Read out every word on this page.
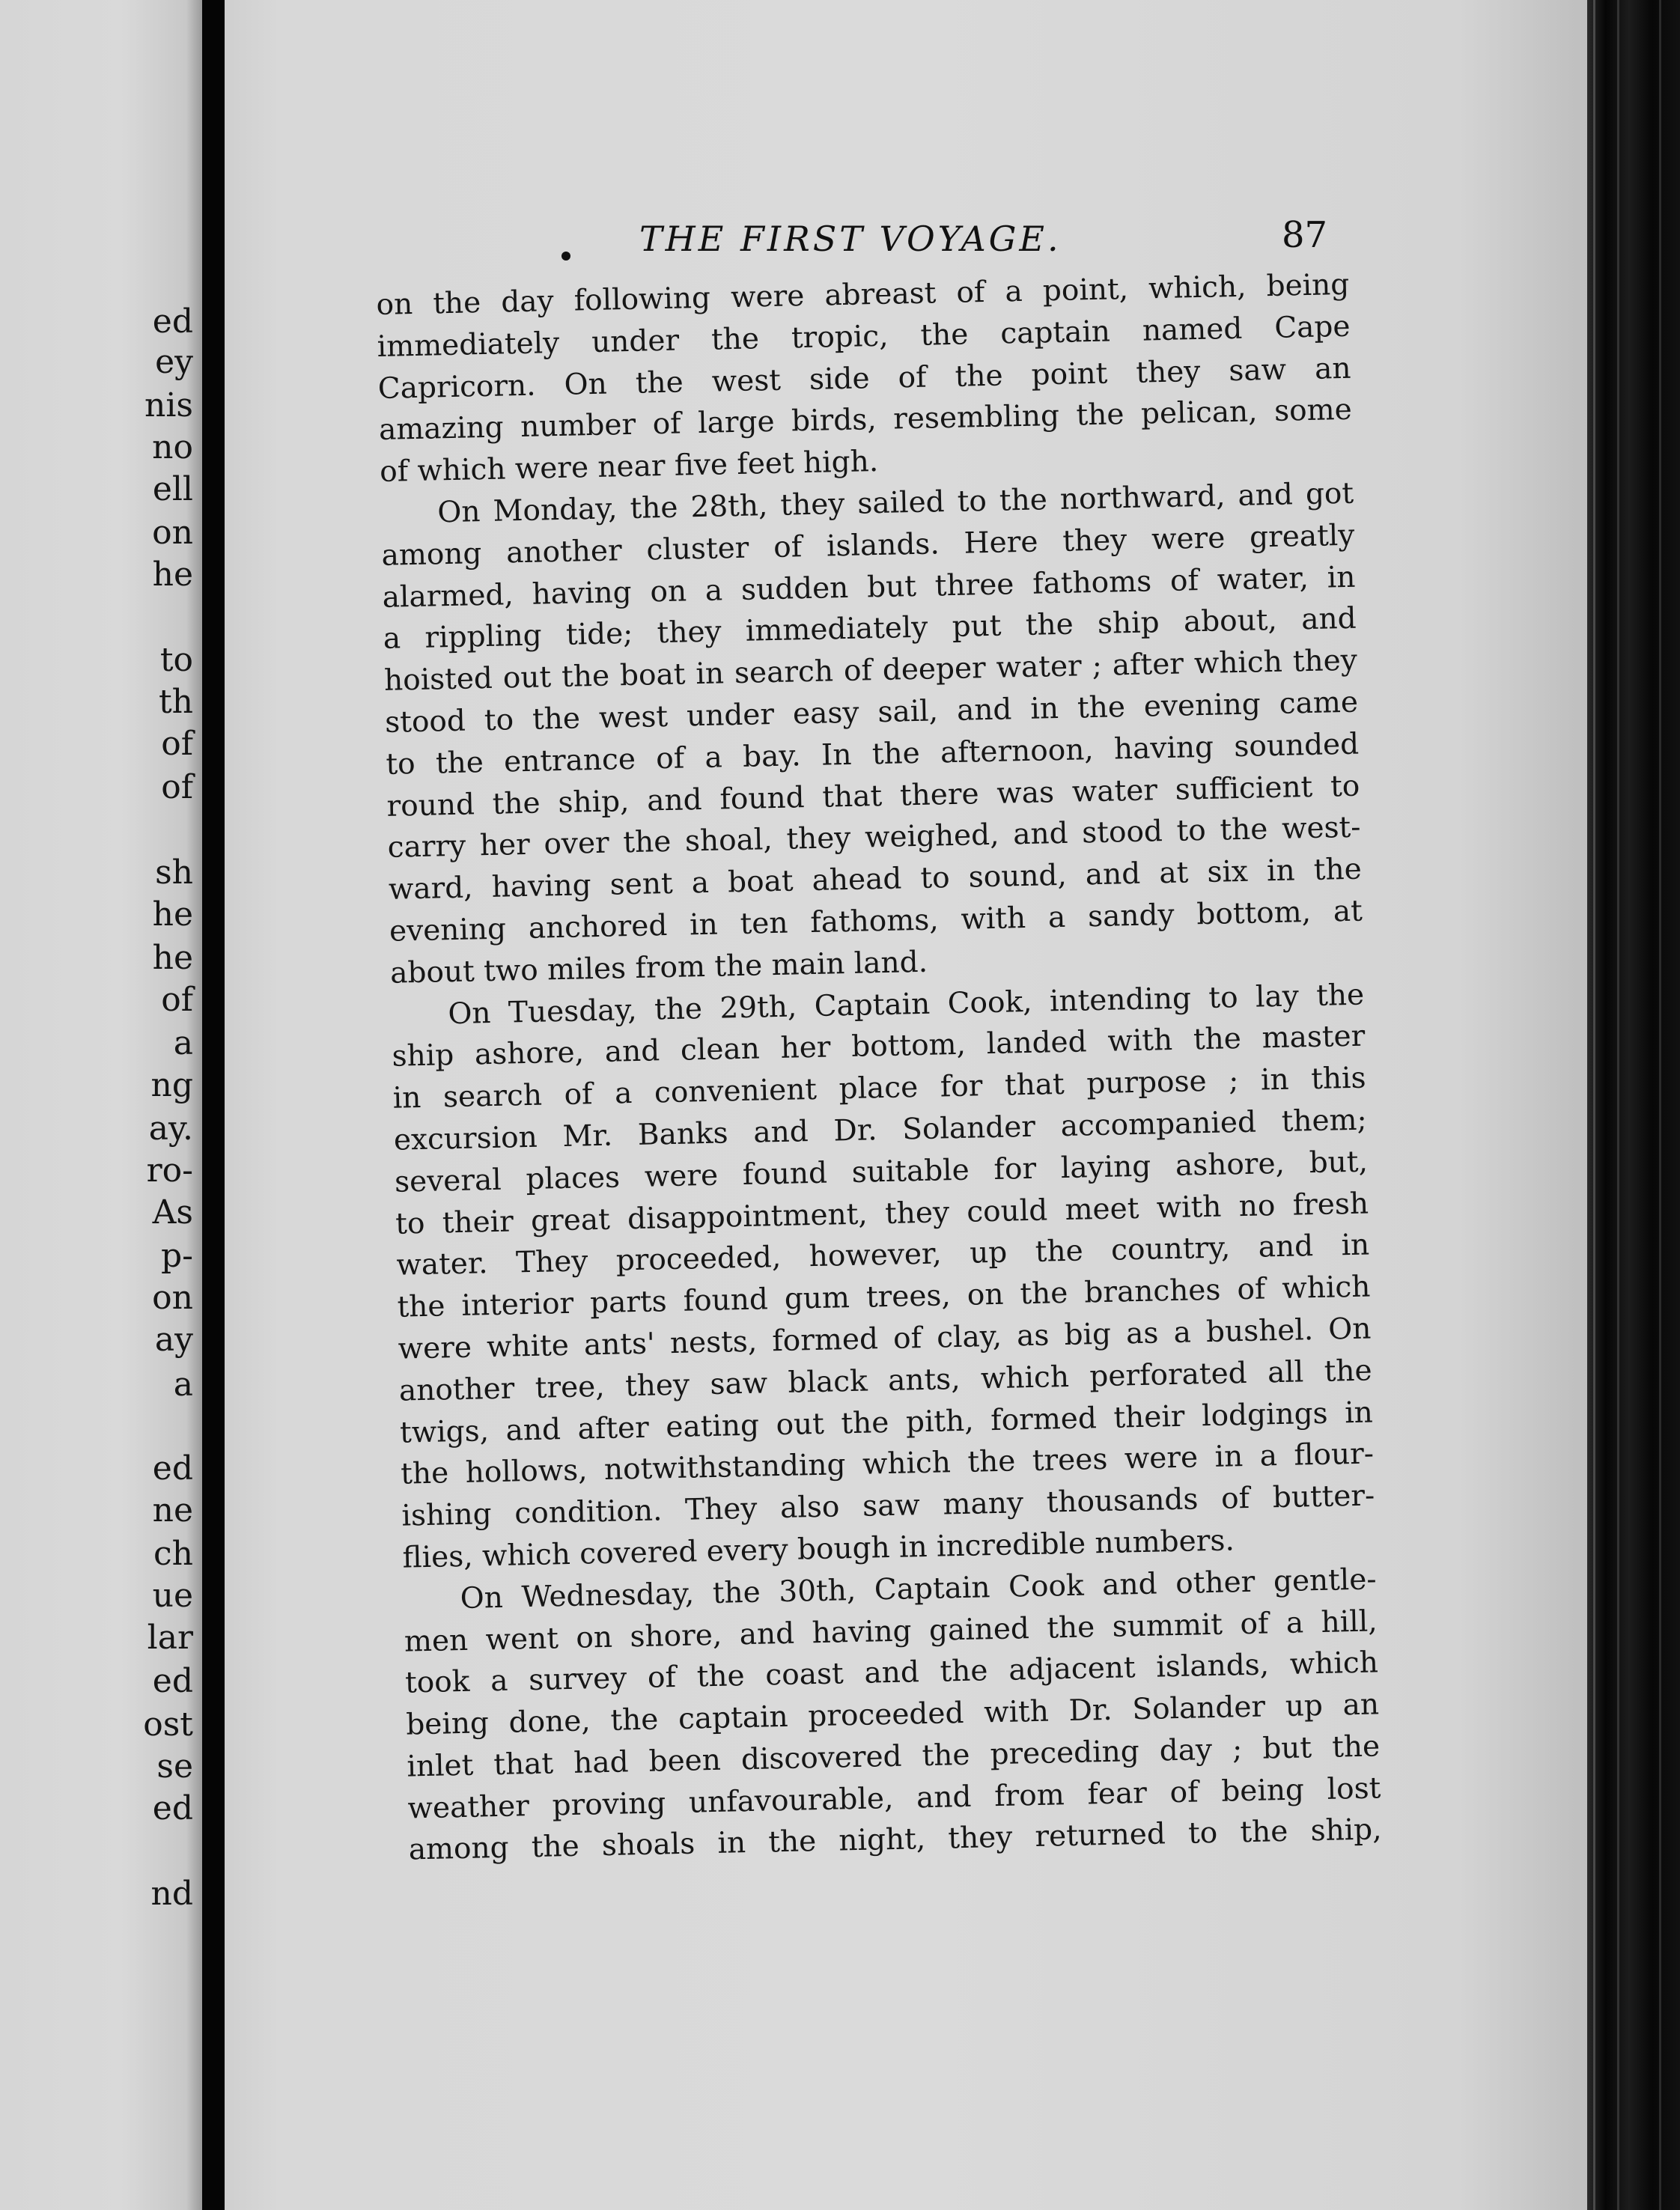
ed
ey
nis
no
ell
on
he
to
th
of
of
sh
he
he
of
a
ng
ay.
ro-
As
p-
on
ay
a
ed
ne
ch
ue
lar
ed
ost
se
ed
nd
THE FIRST VOYAGE.	87
on the day following were abreast of a point, which, being
immediately under the tropic, the captain named Cape
Capricorn. On the west side of the point they saw an
amazing number of large birds, resembling the pelican, some
of which were near five feet high.
On Monday, the 28th, they sailed to the northward, and got
among another cluster of islands. Here they were greatly
alarmed, having on a sudden but three fathoms of water, in
a rippling tide; they immediately put the ship about, and
hoisted out the boat in search of deeper water ; after which they
stood to the west under easy sail, and in the evening came
to the entrance of a bay. In the afternoon, having sounded
round the ship, and found that there was water sufficient to
carry her over the shoal, they weighed, and stood to the west-
ward, having sent a boat ahead to sound, and at six in the
evening anchored in ten fathoms, with a sandy bottom, at
about two miles from the main land.
On Tuesday, the 29th, Captain Cook, intending to lay the
ship ashore, and clean her bottom, landed with the master
in search of a convenient place for that purpose ; in this
excursion Mr. Banks and Dr. Solander accompanied them;
several places were found suitable for laying ashore, but,
to their great disappointment, they could meet with no fresh
water. They proceeded, however, up the country, and in
the interior parts found gum trees, on the branches of which
were white ants' nests, formed of clay, as big as a bushel. On
another tree, they saw black ants, which perforated all the
twigs, and after eating out the pith, formed their lodgings in
the hollows, notwithstanding which the trees were in a flour-
ishing condition. They also saw many thousands of butter-
flies, which covered every bough in incredible numbers.
On Wednesday, the 30th, Captain Cook and other gentle-
men went on shore, and having gained the summit of a hill,
took a survey of the coast and the adjacent islands, which
being done, the captain proceeded with Dr. Solander up an
inlet that had been discovered the preceding day ; but the
weather proving unfavourable, and from fear of being lost
among the shoals in the night, they returned to the ship,
